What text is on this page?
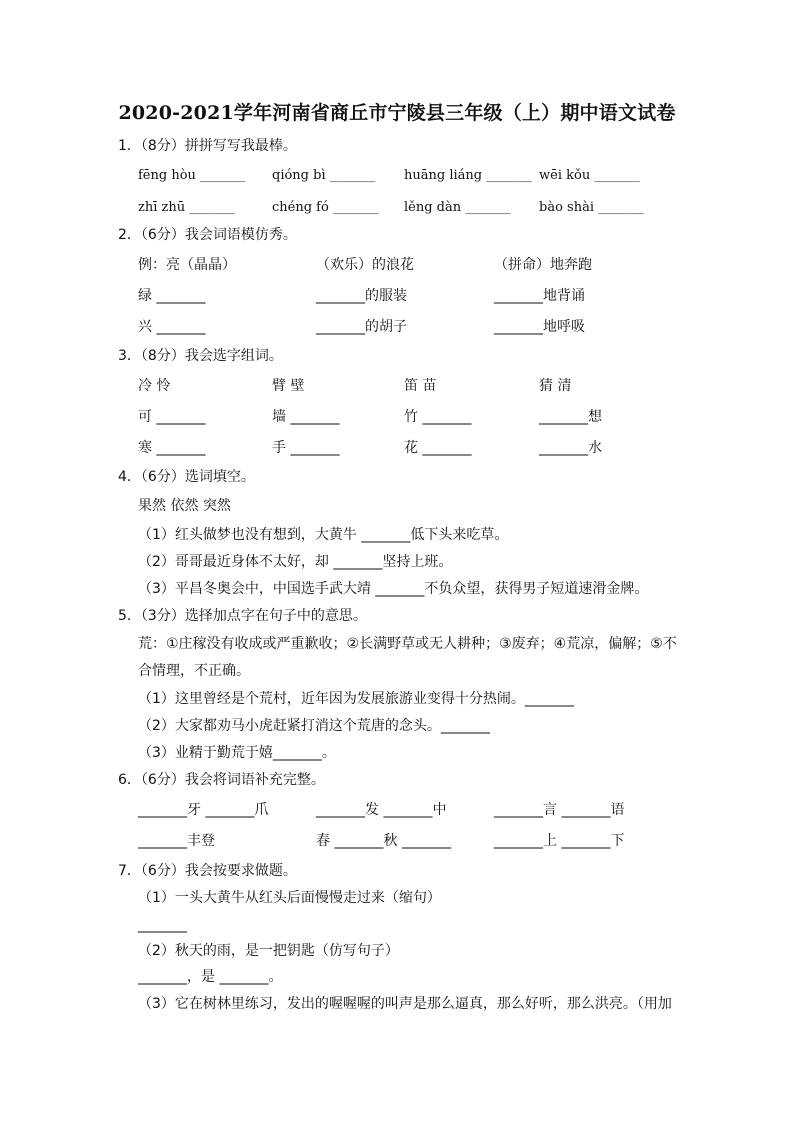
2020-2021学年河南省商丘市宁陵县三年级（上）期中语文试卷
1．（8分）拼拼写写我最棒。
fēng hòu _______ qióng bì _______ huāng liáng _______ wēi kǒu _______
zhī zhū _______	chéng fó _______ lěng dàn _______ bào shài _______
2．（6分）我会词语模仿秀。
例：亮（晶晶）	（欢乐）的浪花	（拼命）地奔跑
绿 _______	_______的服装	_______地背诵
兴 _______	_______的胡子	_______地呼吸
3．（8分）我会选字组词。
冷 怜	臂 壁	笛 苗	猜 清
可 _______	墙 _______	竹 _______	_______想
寒 _______	手 _______	花 _______	_______水
4．（6分）选词填空。
果然 依然 突然
（1）红头做梦也没有想到，大黄牛 _______低下头来吃草。
（2）哥哥最近身体不太好，却 _______坚持上班。
（3）平昌冬奥会中，中国选手武大靖 _______不负众望，获得男子短道速滑金牌。
5．（3分）选择加点字在句子中的意思。
荒：①庄稼没有收成或严重歉收；②长满野草或无人耕种；③废弃；④荒凉，偏解；⑤不合情理，不正确。
（1）这里曾经是个荒村，近年因为发展旅游业变得十分热闹。_______
（2）大家都劝马小虎赶紧打消这个荒唐的念头。_______
（3）业精于勤荒于嬉_______。
6．（6分）我会将词语补充完整。
_______牙 _______爪	_______发 _______中	_______言 _______语
_______丰登	春 _______秋 _______	_______上 _______下
7．（6分）我会按要求做题。
（1）一头大黄牛从红头后面慢慢走过来（缩句）
_______
（2）秋天的雨，是一把钥匙（仿写句子）
_______，是 _______。
（3）它在树林里练习，发出的喔喔喔的叫声是那么逼真，那么好听，那么洪亮。（用加
